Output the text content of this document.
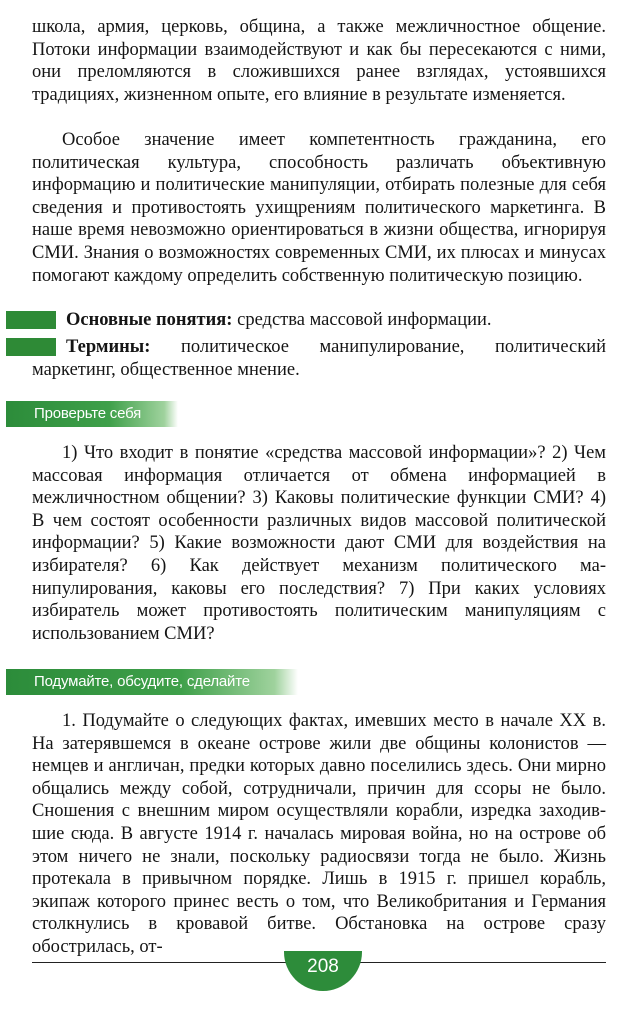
школа, армия, церковь, община, а также межличностное общение. Потоки информации взаимодействуют и как бы пересекаются с ними, они преломляются в сложившихся ранее взглядах, устоявшихся традициях, жизненном опыте, его влияние в результате изменяется.

Особое значение имеет компетентность гражданина, его политическая культура, способность различать объективную информацию и политические манипуляции, отбирать полезные для себя сведения и противостоять ухищрениям политического маркетинга. В наше время невозможно ориентироваться в жизни общества, игнорируя СМИ. Знания о возможностях современных СМИ, их плюсах и минусах помогают каждому определить собственную политическую позицию.

Основные понятия: средства массовой информации.

Термины: политическое манипулирование, политический маркетинг, общественное мнение.

Проверьте себя

1) Что входит в понятие «средства массовой информации»? 2) Чем массовая информация отличается от обмена информацией в межличностном общении? 3) Каковы политические функции СМИ? 4) В чем состоят особенности различных видов массовой политической информации? 5) Какие возможности дают СМИ для воздействия на избирателя? 6) Как действует механизм политического манипулирования, каковы его последствия? 7) При каких условиях избиратель может противостоять политическим манипуляциям с использованием СМИ?

Подумайте, обсудите, сделайте

1. Подумайте о следующих фактах, имевших место в начале XX в. На затерявшемся в океане острове жили две общины колонистов — немцев и англичан, предки которых давно поселились здесь. Они мирно общались между собой, сотрудничали, причин для ссоры не было. Сношения с внешним миром осуществляли корабли, изредка заходившие сюда. В августе 1914 г. началась мировая война, но на острове об этом ничего не знали, поскольку радиосвязи тогда не было. Жизнь протекала в привычном порядке. Лишь в 1915 г. пришел корабль, экипаж которого принес весть о том, что Великобритания и Германия столкнулись в кровавой битве. Обстановка на острове сразу обострилась, от-

208
